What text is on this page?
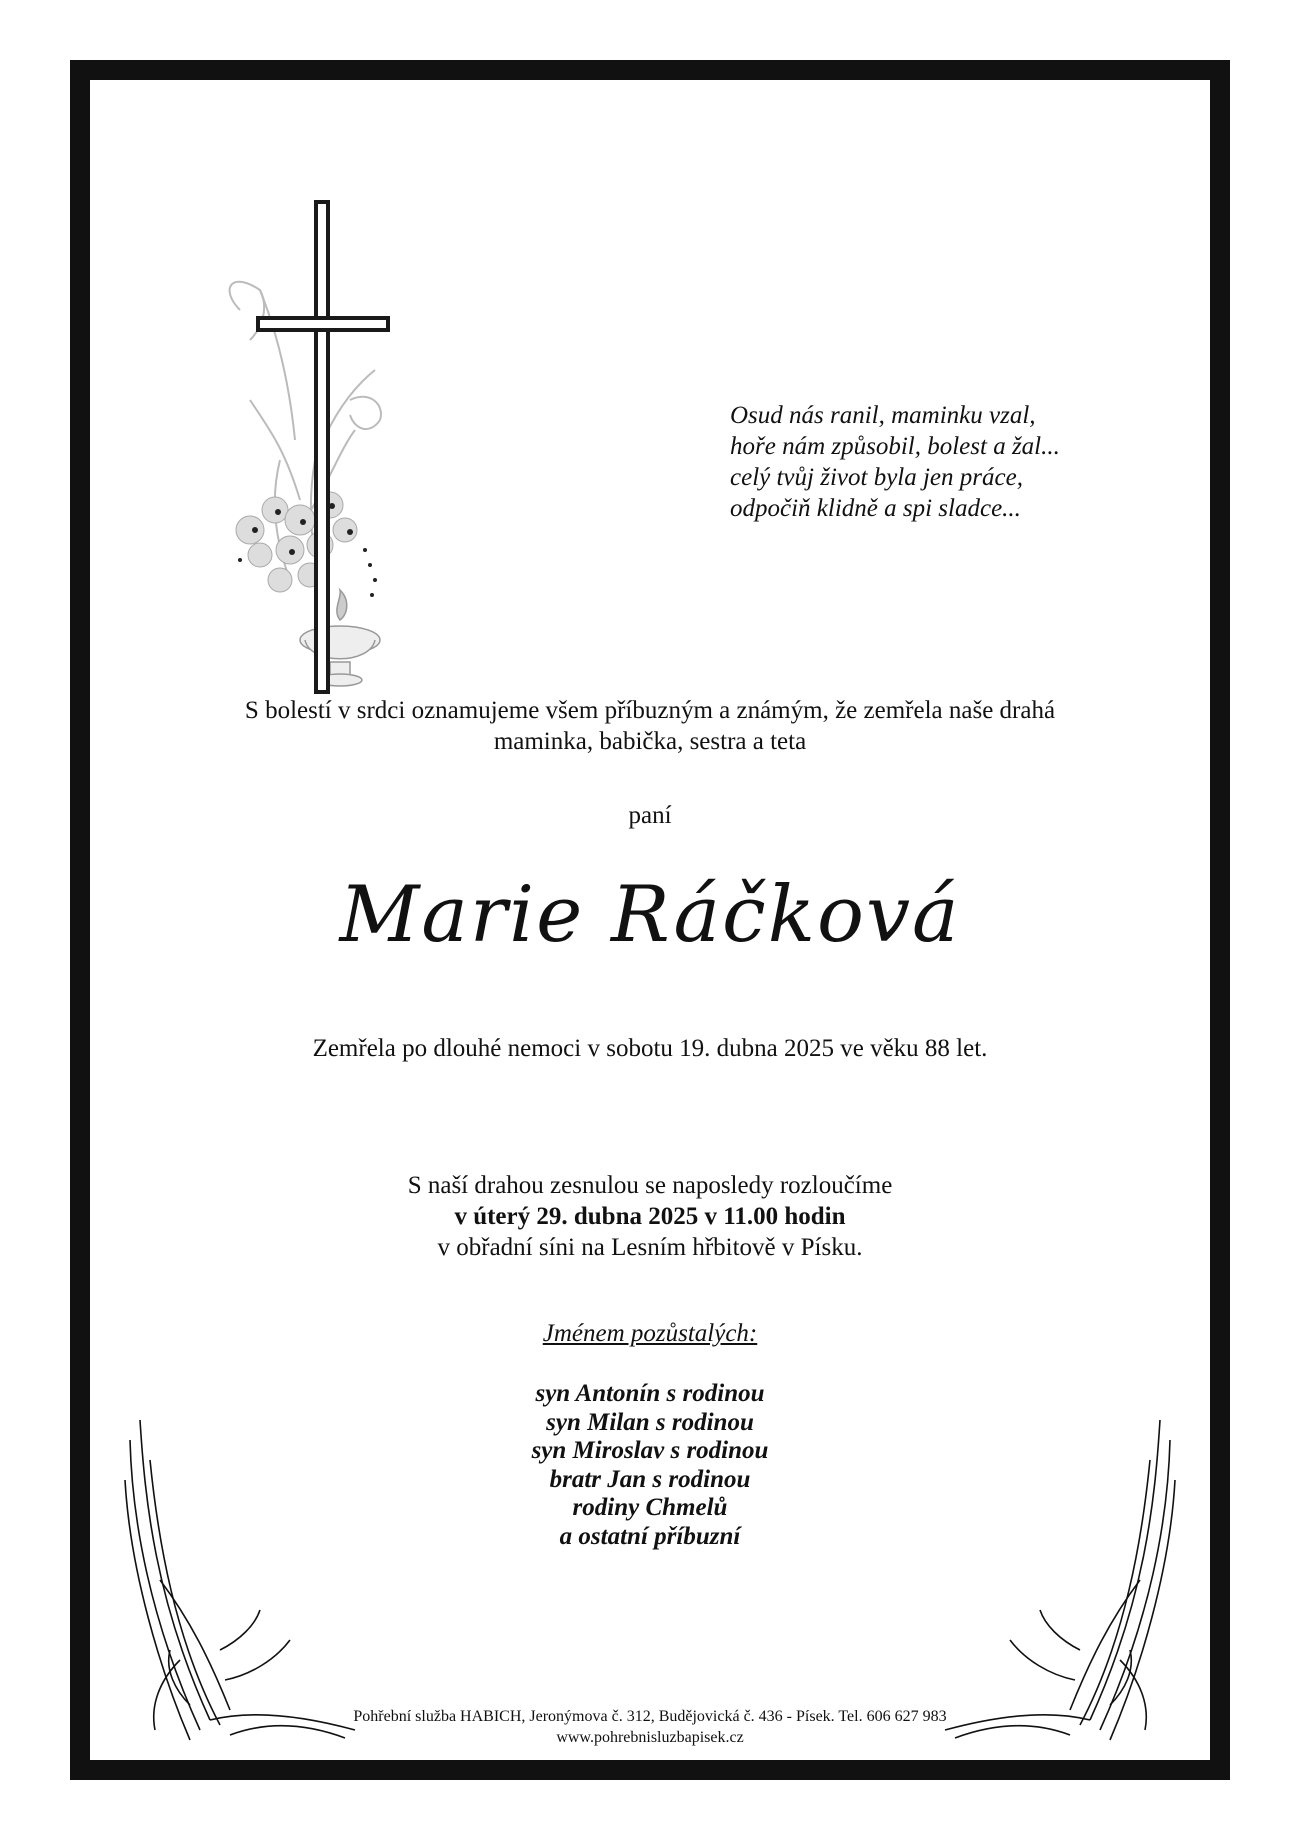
Osud nás ranil, maminku vzal,
hoře nám způsobil, bolest a žal...
celý tvůj život byla jen práce,
odpočiň klidně a spi sladce...
S bolestí v srdci oznamujeme všem příbuzným a známým, že zemřela naše drahá
maminka, babička, sestra a teta
paní
Marie Ráčková
Zemřela po dlouhé nemoci v sobotu 19. dubna 2025 ve věku 88 let.
S naší drahou zesnulou se naposledy rozloučíme
v úterý 29. dubna 2025 v 11.00 hodin
v obřadní síni na Lesním hřbitově v Písku.
Jménem pozůstalých:
syn Antonín s rodinou
syn Milan s rodinou
syn Miroslav s rodinou
bratr Jan s rodinou
rodiny Chmelů
a ostatní příbuzní
Pohřební služba HABICH, Jeronýmova č. 312, Budějovická č. 436 - Písek. Tel. 606 627 983
www.pohrebnisluzbapisek.cz
